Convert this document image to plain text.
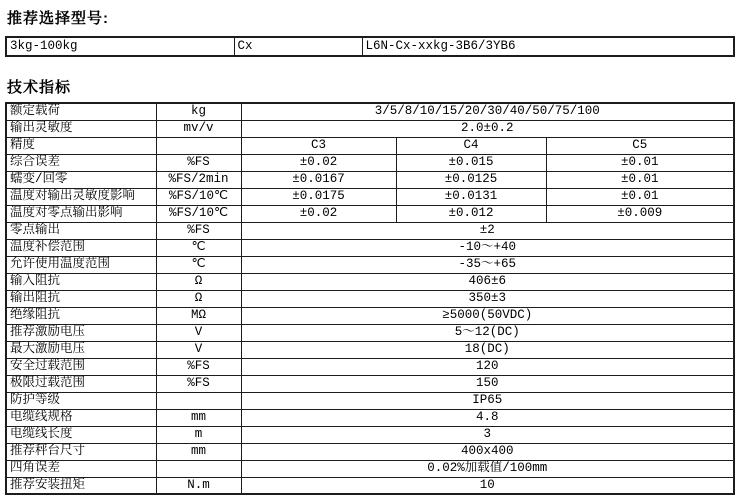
推荐选择型号:
3kg-100kg	Cx	L6N-Cx-xxkg-3B6/3YB6
技术指标
额定载荷	kg	3/5/8/10/15/20/30/40/50/75/100		
输出灵敏度	mv/v	2.0±0.2		
精度		C3	C4	C5
综合误差	%FS	±0.02	±0.015	±0.01
蠕变/回零	%FS/2min	±0.0167	±0.0125	±0.01
温度对输出灵敏度影响	%FS/10℃	±0.0175	±0.0131	±0.01
温度对零点输出影响	%FS/10℃	±0.02	±0.012	±0.009
零点输出	%FS	±2		
温度补偿范围	℃	-10～+40		
允许使用温度范围	℃	-35～+65		
输入阻抗	Ω	406±6		
输出阻抗	Ω	350±3		
绝缘阻抗	MΩ	≥5000(50VDC)		
推荐激励电压	V	5～12(DC)		
最大激励电压	V	18(DC)		
安全过载范围	%FS	120		
极限过载范围	%FS	150		
防护等级		IP65		
电缆线规格	mm	4.8		
电缆线长度	m	3		
推荐秤台尺寸	mm	400x400		
四角误差		0.02%加载值/100mm		
推荐安装扭矩	N.m	10		
